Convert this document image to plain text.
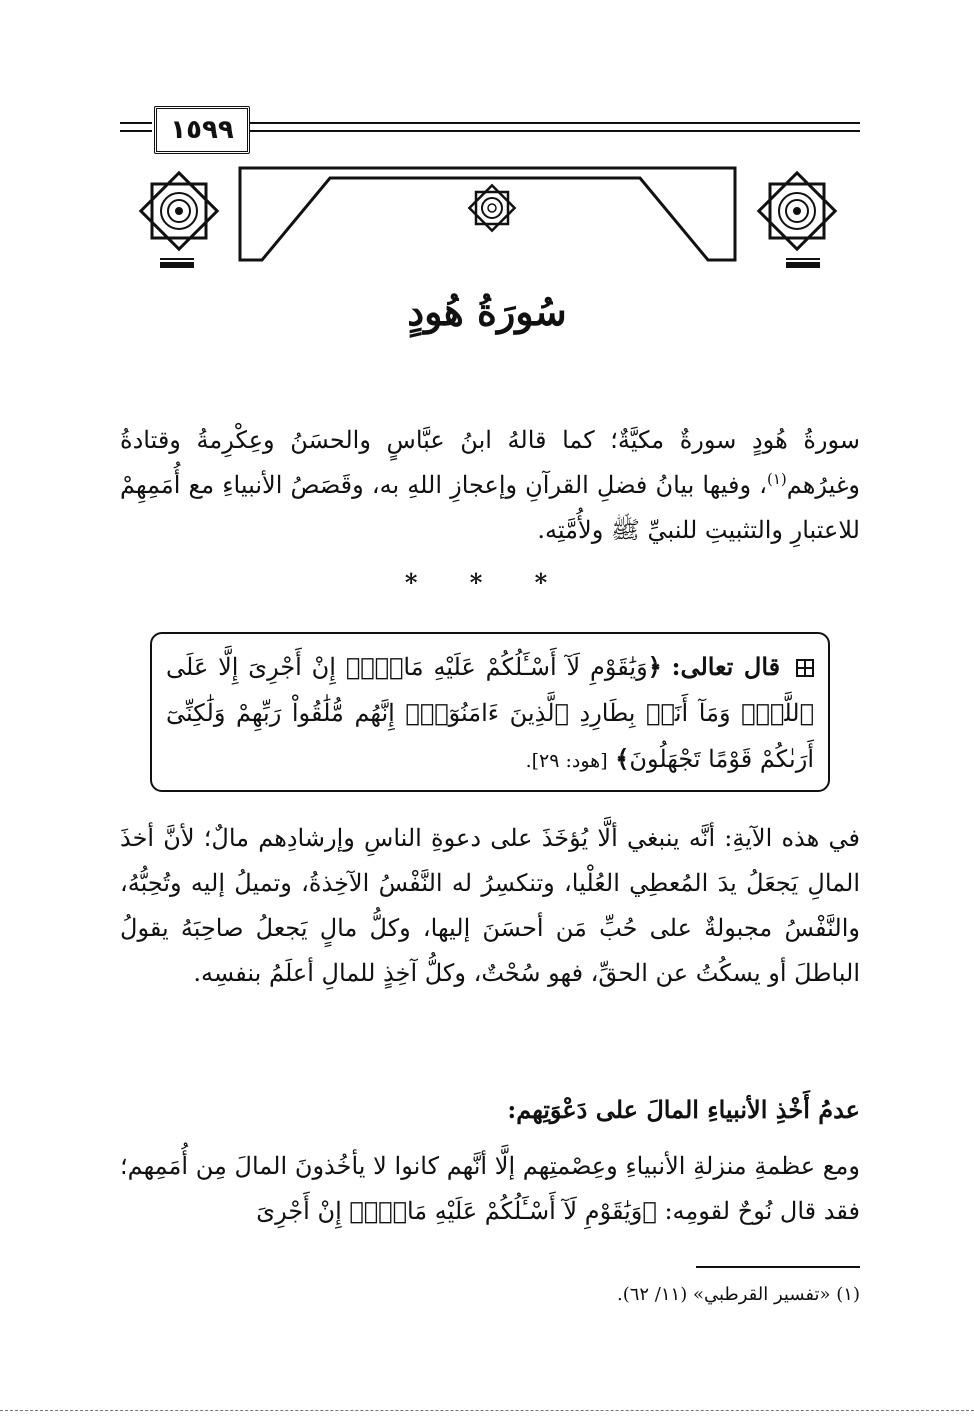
١٥٩٩
سُورَةُ هُودٍ
سورةُ هُودٍ سورةٌ مكيَّةٌ؛ كما قالهُ ابنُ عبَّاسٍ والحسَنُ وعِكْرِمةُ وقتادةُ وغيرُهم$^{(١)}$، وفيها بيانُ فضلِ القرآنِ وإعجازِ اللهِ به، وقَصَصُ الأنبياءِ مع أُمَمِهِمْ للاعتبارِ والتثبيتِ للنبيِّ ﷺ ولأُمَّتِه.
* * *
قال تعالى: ﴿وَيَٰقَوْمِ لَآ أَسْـَٔلُكُمْ عَلَيْهِ مَالًاۖ إِنْ أَجْرِىَ إِلَّا عَلَى ٱللَّهِۚ وَمَآ أَنَا۠ بِطَارِدِ ٱلَّذِينَ ءَامَنُوٓاْۚ إِنَّهُم مُّلَٰقُواْ رَبِّهِمْ وَلَٰكِنِّىٓ أَرَىٰكُمْ قَوْمًا تَجْهَلُونَ﴾ [هود: ٢٩].
في هذه الآيةِ: أنَّه ينبغي ألَّا يُؤخَذَ على دعوةِ الناسِ وإرشادِهم مالٌ؛ لأنَّ أخذَ المالِ يَجعَلُ يدَ المُعطِي العُلْيا، وتنكسِرُ له النَّفْسُ الآخِذةُ، وتميلُ إليه وتُحِبُّهُ، والنَّفْسُ مجبولةٌ على حُبِّ مَن أحسَنَ إليها، وكلُّ مالٍ يَجعلُ صاحِبَهُ يقولُ الباطلَ أو يسكُتُ عن الحقِّ، فهو سُحْتٌ، وكلُّ آخِذٍ للمالِ أعلَمُ بنفسِه.
عدمُ أَخْذِ الأنبياءِ المالَ على دَعْوَتِهم:
ومع عظمةِ منزلةِ الأنبياءِ وعِصْمتِهم إلَّا أنَّهم كانوا لا يأخُذونَ المالَ مِن أُمَمِهم؛ فقد قال نُوحٌ لقومِه: ﴿وَيَٰقَوْمِ لَآ أَسْـَٔلُكُمْ عَلَيْهِ مَالًاۖ إِنْ أَجْرِىَ
(١) «تفسير القرطبي» (١١/ ٦٢).
